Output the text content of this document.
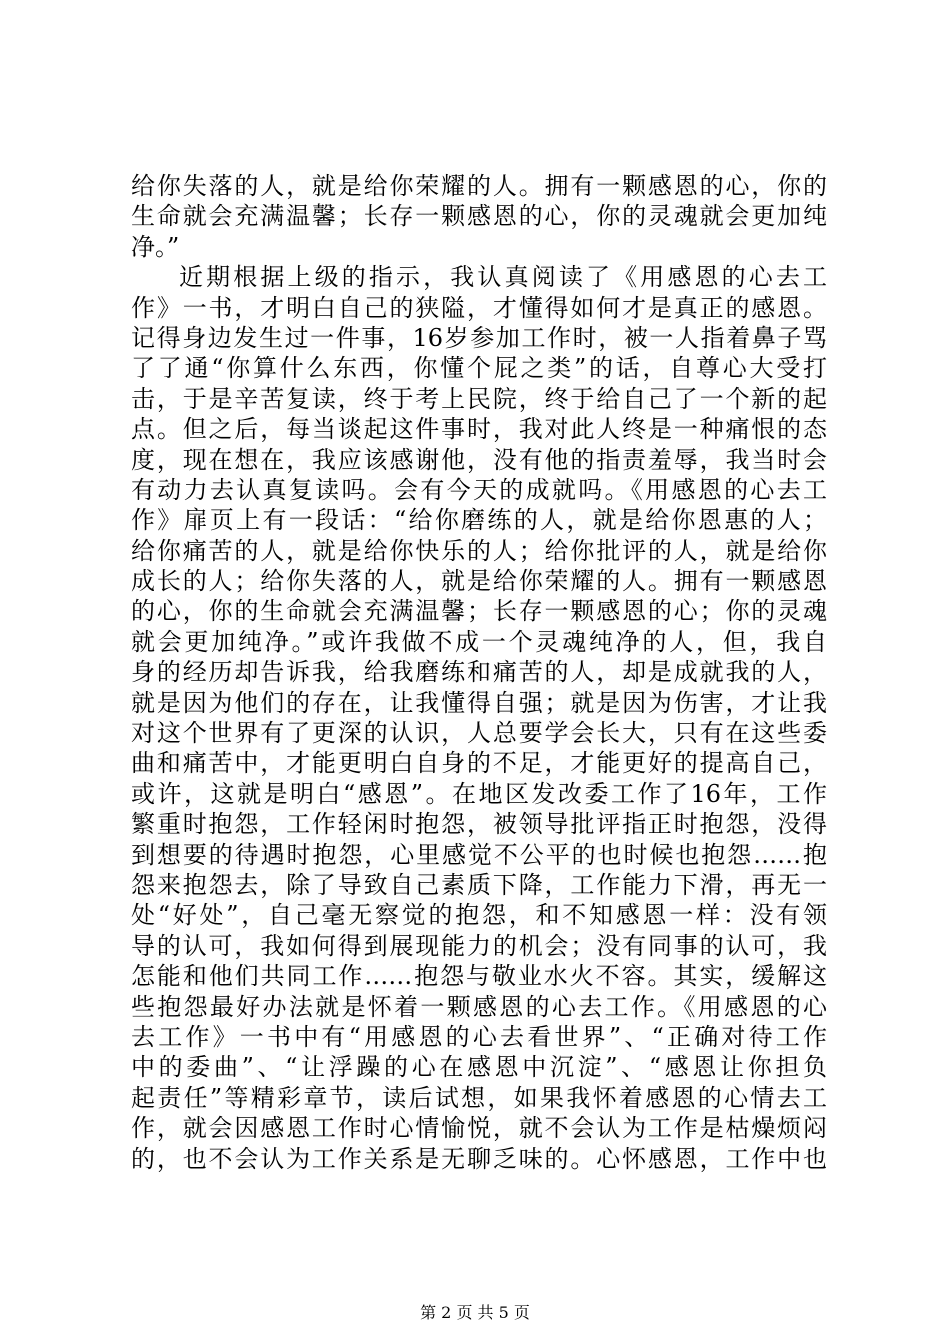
给你失落的人，就是给你荣耀的人。拥有一颗感恩的心，你的
生命就会充满温馨；长存一颗感恩的心，你的灵魂就会更加纯
净。”
近期根据上级的指示，我认真阅读了《用感恩的心去工
作》一书，才明白自己的狭隘，才懂得如何才是真正的感恩。
记得身边发生过一件事，16岁参加工作时，被一人指着鼻子骂
了了通“你算什么东西，你懂个屁之类”的话，自尊心大受打
击，于是辛苦复读，终于考上民院，终于给自己了一个新的起
点。但之后，每当谈起这件事时，我对此人终是一种痛恨的态
度，现在想在，我应该感谢他，没有他的指责羞辱，我当时会
有动力去认真复读吗。会有今天的成就吗。《用感恩的心去工
作》扉页上有一段话：“给你磨练的人，就是给你恩惠的人；
给你痛苦的人，就是给你快乐的人；给你批评的人，就是给你
成长的人；给你失落的人，就是给你荣耀的人。拥有一颗感恩
的心，你的生命就会充满温馨；长存一颗感恩的心；你的灵魂
就会更加纯净。”或许我做不成一个灵魂纯净的人，但，我自
身的经历却告诉我，给我磨练和痛苦的人，却是成就我的人，
就是因为他们的存在，让我懂得自强；就是因为伤害，才让我
对这个世界有了更深的认识，人总要学会长大，只有在这些委
曲和痛苦中，才能更明白自身的不足，才能更好的提高自己，
或许，这就是明白“感恩”。在地区发改委工作了16年，工作
繁重时抱怨，工作轻闲时抱怨，被领导批评指正时抱怨，没得
到想要的待遇时抱怨，心里感觉不公平的也时候也抱怨……抱
怨来抱怨去，除了导致自己素质下降，工作能力下滑，再无一
处“好处”，自己毫无察觉的抱怨，和不知感恩一样：没有领
导的认可，我如何得到展现能力的机会；没有同事的认可，我
怎能和他们共同工作……抱怨与敬业水火不容。其实，缓解这
些抱怨最好办法就是怀着一颗感恩的心去工作。《用感恩的心
去工作》一书中有“用感恩的心去看世界”、“正确对待工作
中的委曲”、“让浮躁的心在感恩中沉淀”、“感恩让你担负
起责任”等精彩章节，读后试想，如果我怀着感恩的心情去工
作，就会因感恩工作时心情愉悦，就不会认为工作是枯燥烦闷
的，也不会认为工作关系是无聊乏味的。心怀感恩，工作中也
第 2 页 共 5 页
